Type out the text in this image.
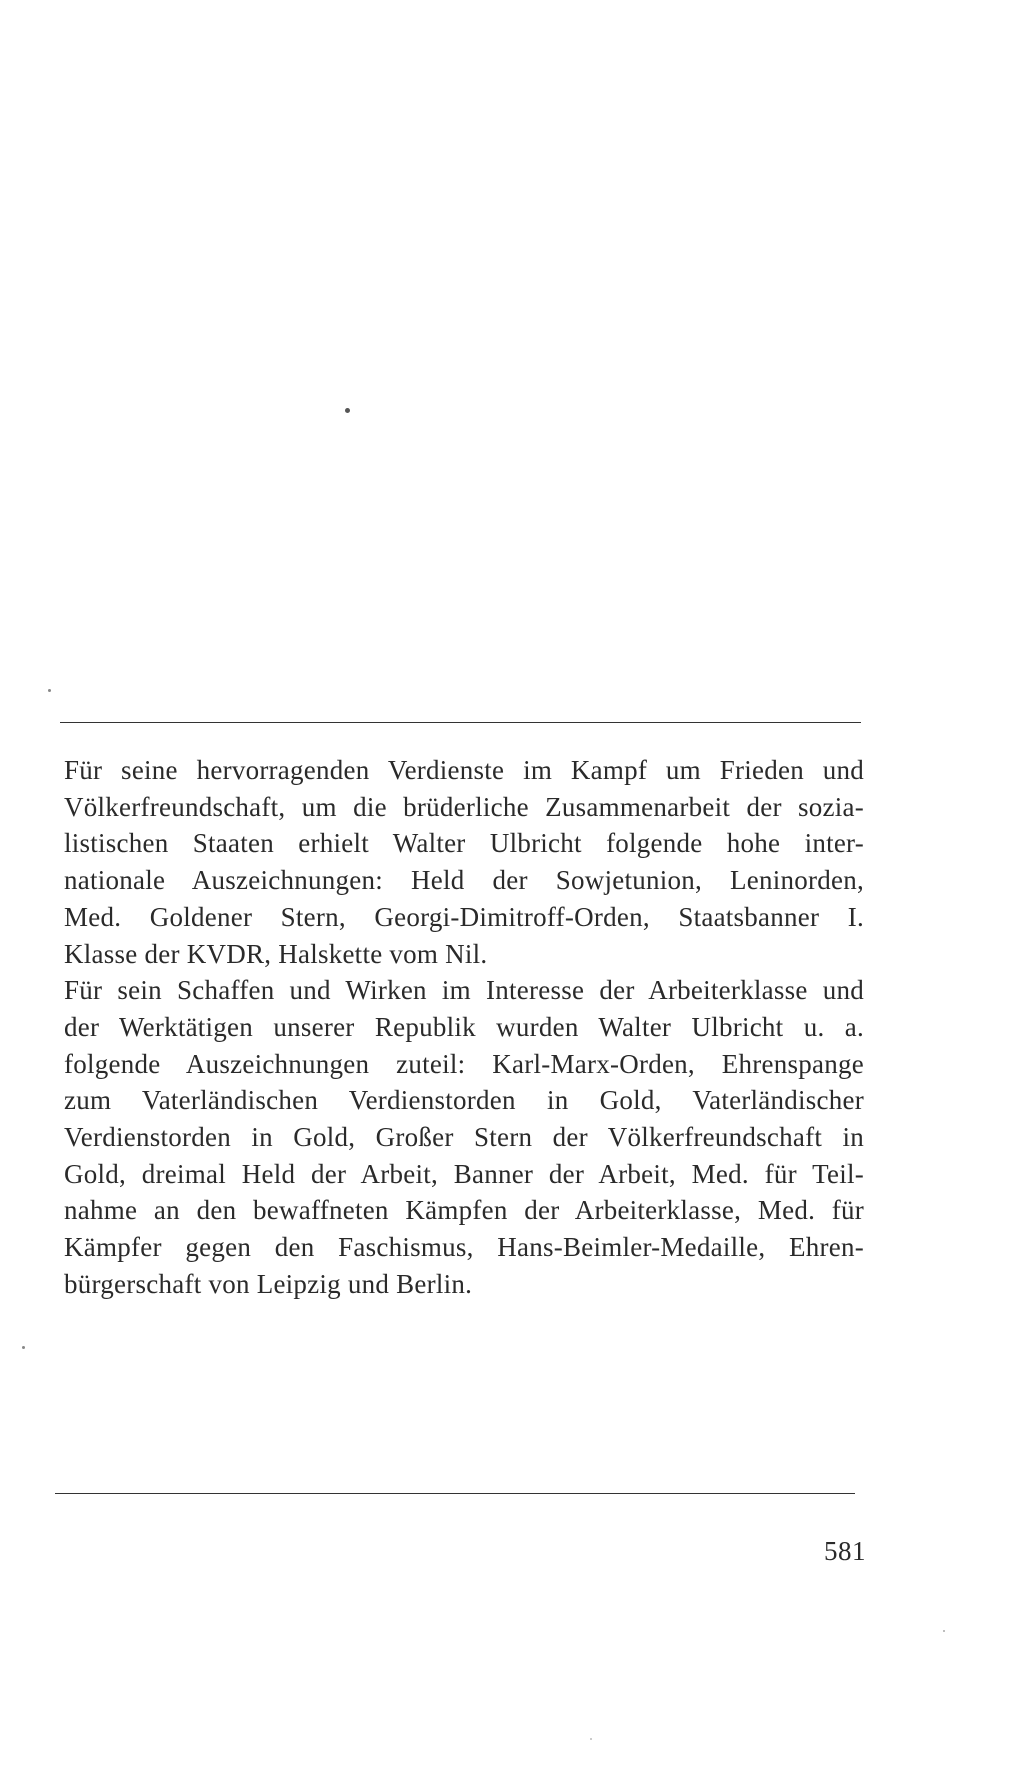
Für seine hervorragenden Verdienste im Kampf um Frieden und
Völkerfreundschaft, um die brüderliche Zusammenarbeit der sozia-
listischen Staaten erhielt Walter Ulbricht folgende hohe inter-
nationale Auszeichnungen: Held der Sowjetunion, Leninorden,
Med. Goldener Stern, Georgi-Dimitroff-Orden, Staatsbanner I.
Klasse der KVDR, Halskette vom Nil.
Für sein Schaffen und Wirken im Interesse der Arbeiterklasse und
der Werktätigen unserer Republik wurden Walter Ulbricht u. a.
folgende Auszeichnungen zuteil: Karl-Marx-Orden, Ehrenspange
zum Vaterländischen Verdienstorden in Gold, Vaterländischer
Verdienstorden in Gold, Großer Stern der Völkerfreundschaft in
Gold, dreimal Held der Arbeit, Banner der Arbeit, Med. für Teil-
nahme an den bewaffneten Kämpfen der Arbeiterklasse, Med. für
Kämpfer gegen den Faschismus, Hans-Beimler-Medaille, Ehren-
bürgerschaft von Leipzig und Berlin.
581
